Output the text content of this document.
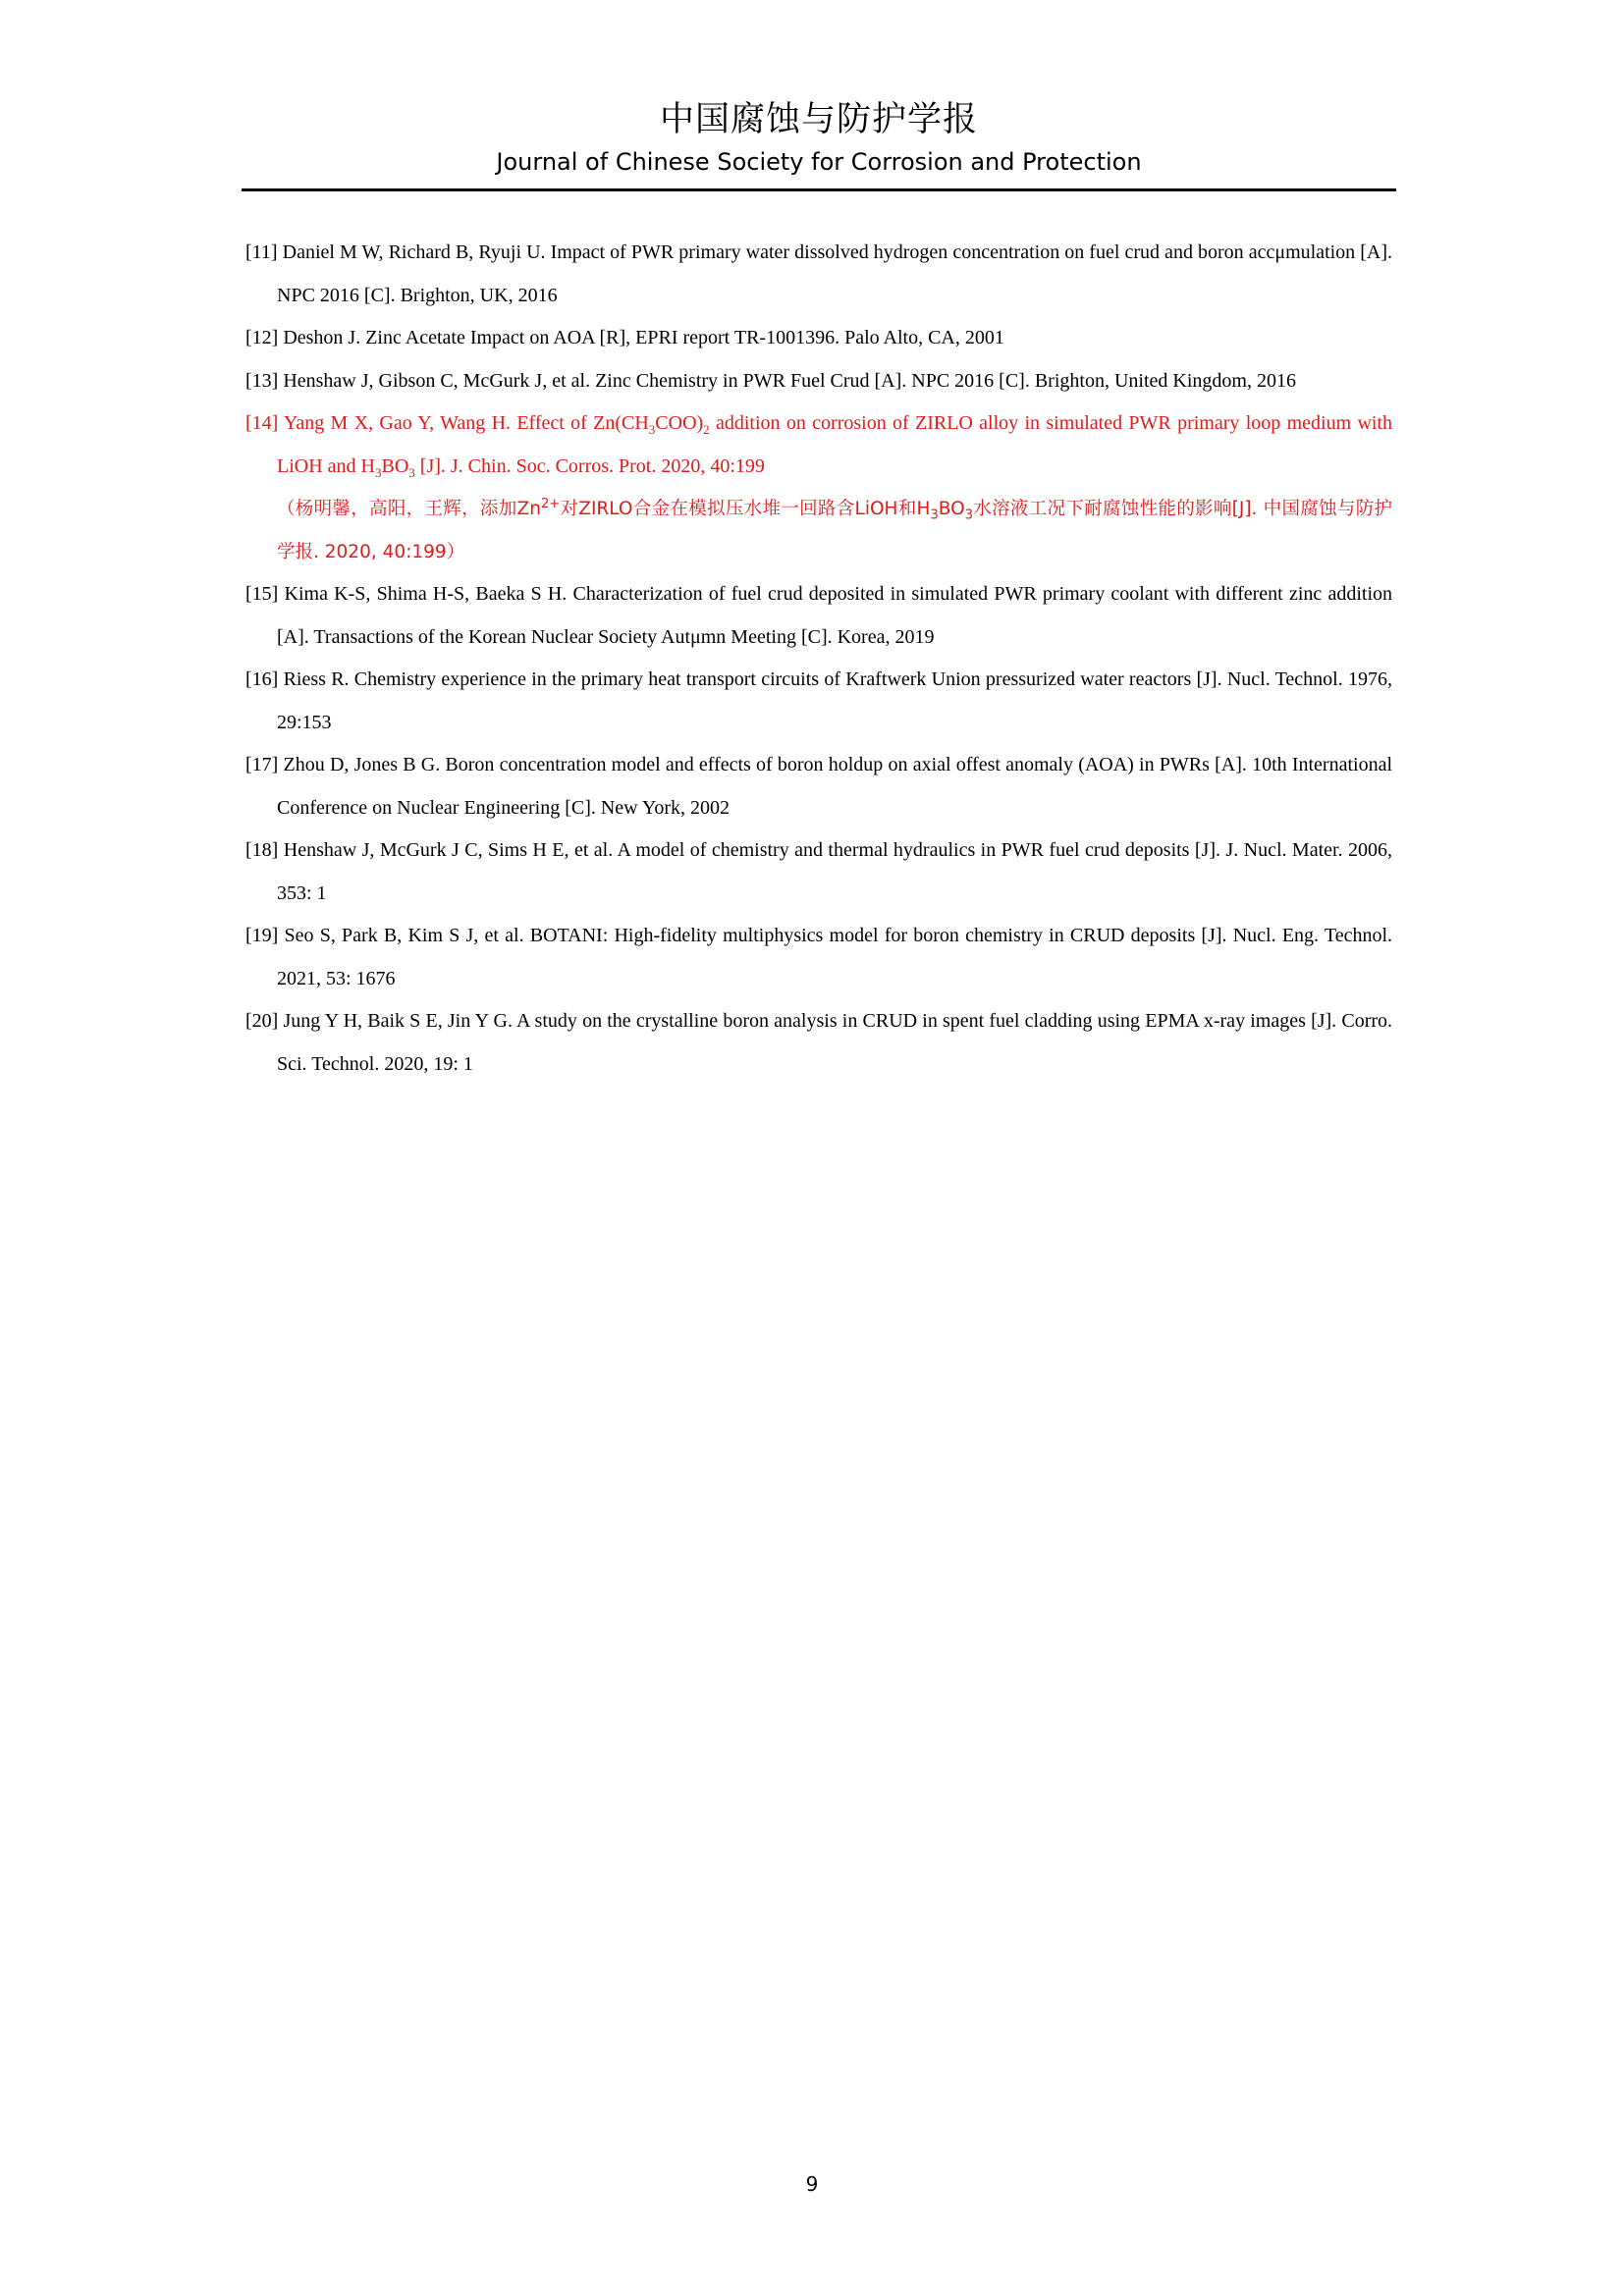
中国腐蚀与防护学报
Journal of Chinese Society for Corrosion and Protection

[11] Daniel M W, Richard B, Ryuji U. Impact of PWR primary water dissolved hydrogen concentration on fuel crud and boron accμmulation [A]. NPC 2016 [C]. Brighton, UK, 2016

[12] Deshon J. Zinc Acetate Impact on AOA [R], EPRI report TR-1001396. Palo Alto, CA, 2001

[13] Henshaw J, Gibson C, McGurk J, et al. Zinc Chemistry in PWR Fuel Crud [A]. NPC 2016 [C]. Brighton, United Kingdom, 2016

[14] Yang M X, Gao Y, Wang H. Effect of $Zn(CH_3COO)_2$ addition on corrosion of ZIRLO alloy in simulated PWR primary loop medium with LiOH and $H_3BO_3$ [J]. J. Chin. Soc. Corros. Prot. 2020, 40:199

（杨明馨，高阳，王辉，添加$Zn^{2+}$对ZIRLO合金在模拟压水堆一回路含LiOH和$H_3BO_3$水溶液工况下耐腐蚀性能的影响[J]. 中国腐蚀与防护学报. 2020, 40:199）

[15] Kima K-S, Shima H-S, Baeka S H. Characterization of fuel crud deposited in simulated PWR primary coolant with different zinc addition [A]. Transactions of the Korean Nuclear Society Autμmn Meeting [C]. Korea, 2019

[16] Riess R. Chemistry experience in the primary heat transport circuits of Kraftwerk Union pressurized water reactors [J]. Nucl. Technol. 1976, 29:153

[17] Zhou D, Jones B G. Boron concentration model and effects of boron holdup on axial offest anomaly (AOA) in PWRs [A]. 10th International Conference on Nuclear Engineering [C]. New York, 2002

[18] Henshaw J, McGurk J C, Sims H E, et al. A model of chemistry and thermal hydraulics in PWR fuel crud deposits [J]. J. Nucl. Mater. 2006, 353: 1

[19] Seo S, Park B, Kim S J, et al. BOTANI: High-fidelity multiphysics model for boron chemistry in CRUD deposits [J]. Nucl. Eng. Technol. 2021, 53: 1676

[20] Jung Y H, Baik S E, Jin Y G. A study on the crystalline boron analysis in CRUD in spent fuel cladding using EPMA x-ray images [J]. Corro. Sci. Technol. 2020, 19: 1

9
